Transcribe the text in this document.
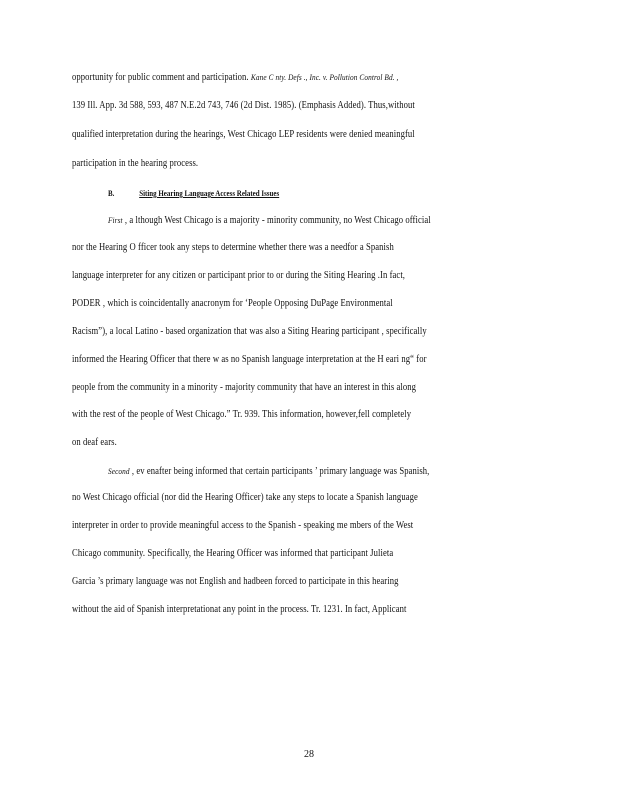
opportunity for public comment and participation. Kane C nty. Defs ., Inc. v. Pollution Control Bd. ,
139 Ill. App. 3d 588, 593, 487 N.E.2d 743, 746 (2d Dist. 1985). (Emphasis Added). Thus,without
qualified interpretation during the hearings, West Chicago LEP residents were denied meaningful
participation in the hearing process.
B.	Siting Hearing Language Access Related Issues
First , a lthough West Chicago is a majority - minority community, no West Chicago official
nor the Hearing O fficer took any steps to determine whether there was a needfor a Spanish
language interpreter for any citizen or participant prior to or during the Siting Hearing .In fact,
PODER , which is coincidentally anacronym for ‘People Opposing DuPage Environmental
Racism”), a local Latino - based organization that was also a Siting Hearing participant , specifically
informed the Hearing Officer that there w as no Spanish language interpretation at the H eari ng“ for
people from the community in a minority - majority community that have an interest in this along
with the rest of the people of West Chicago.” Tr. 939. This information, however,fell completely
on deaf ears.
Second , ev enafter being informed that certain participants ’ primary language was Spanish,
no West Chicago official (nor did the Hearing Officer) take any steps to locate a Spanish language
interpreter in order to provide meaningful access to the Spanish - speaking me mbers of the West
Chicago community. Specifically, the Hearing Officer was informed that participant Julieta
Garcia ’s primary language was not English and hadbeen forced to participate in this hearing
without the aid of Spanish interpretationat any point in the process. Tr. 1231. In fact, Applicant
28
